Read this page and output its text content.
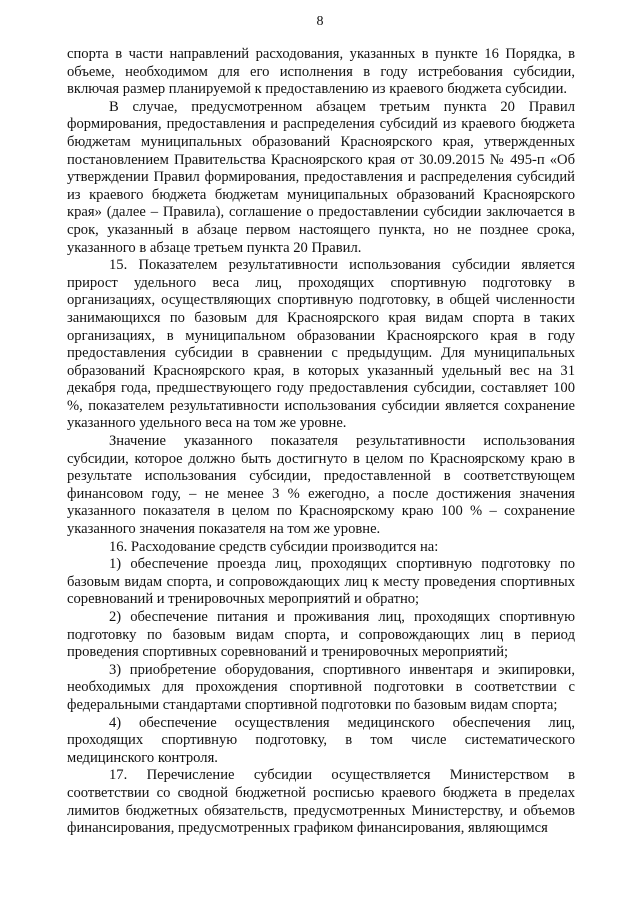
8

спорта в части направлений расходования, указанных в пункте 16 Порядка, в объеме, необходимом для его исполнения в году истребования субсидии, включая размер планируемой к предоставлению из краевого бюджета субсидии.

В случае, предусмотренном абзацем третьим пункта 20 Правил формирования, предоставления и распределения субсидий из краевого бюджета бюджетам муниципальных образований Красноярского края, утвержденных постановлением Правительства Красноярского края от 30.09.2015 № 495-п «Об утверждении Правил формирования, предоставления и распределения субсидий из краевого бюджета бюджетам муниципальных образований Красноярского края» (далее – Правила), соглашение о предоставлении субсидии заключается в срок, указанный в абзаце первом настоящего пункта, но не позднее срока, указанного в абзаце третьем пункта 20 Правил.

15. Показателем результативности использования субсидии является прирост удельного веса лиц, проходящих спортивную подготовку в организациях, осуществляющих спортивную подготовку, в общей численности занимающихся по базовым для Красноярского края видам спорта в таких организациях, в муниципальном образовании Красноярского края в году предоставления субсидии в сравнении с предыдущим. Для муниципальных образований Красноярского края, в которых указанный удельный вес на 31 декабря года, предшествующего году предоставления субсидии, составляет 100 %, показателем результативности использования субсидии является сохранение указанного удельного веса на том же уровне.

Значение указанного показателя результативности использования субсидии, которое должно быть достигнуто в целом по Красноярскому краю в результате использования субсидии, предоставленной в соответствующем финансовом году, – не менее 3 % ежегодно, а после достижения значения указанного показателя в целом по Красноярскому краю 100 % – сохранение указанного значения показателя на том же уровне.

16. Расходование средств субсидии производится на:

1) обеспечение проезда лиц, проходящих спортивную подготовку по базовым видам спорта, и сопровождающих лиц к месту проведения спортивных соревнований и тренировочных мероприятий и обратно;

2) обеспечение питания и проживания лиц, проходящих спортивную подготовку по базовым видам спорта, и сопровождающих лиц в период проведения спортивных соревнований и тренировочных мероприятий;

3) приобретение оборудования, спортивного инвентаря и экипировки, необходимых для прохождения спортивной подготовки в соответствии с федеральными стандартами спортивной подготовки по базовым видам спорта;

4) обеспечение осуществления медицинского обеспечения лиц, проходящих спортивную подготовку, в том числе систематического медицинского контроля.

17. Перечисление субсидии осуществляется Министерством в соответствии со сводной бюджетной росписью краевого бюджета в пределах лимитов бюджетных обязательств, предусмотренных Министерству, и объемов финансирования, предусмотренных графиком финансирования, являющимся
